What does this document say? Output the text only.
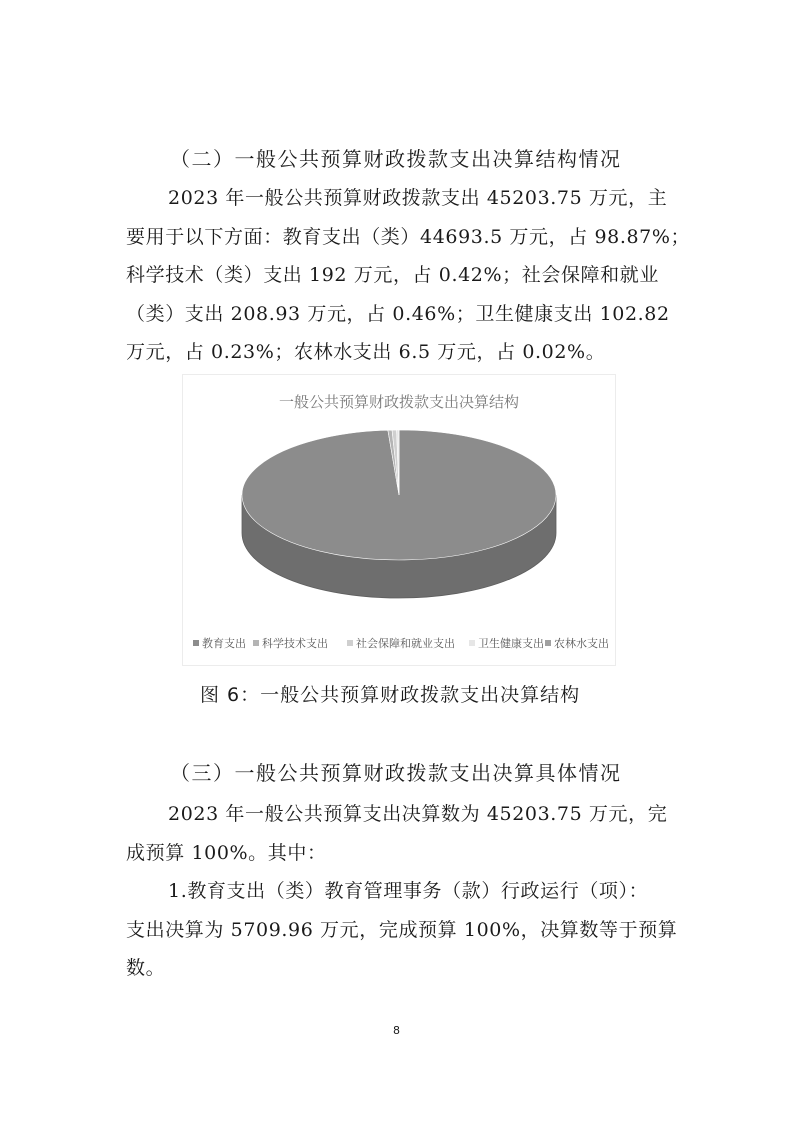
（二）一般公共预算财政拨款支出决算结构情况

2023 年一般公共预算财政拨款支出 45203.75 万元，主

要用于以下方面：教育支出（类）44693.5 万元，占 98.87%；

科学技术（类）支出 192 万元，占 0.42%；社会保障和就业

（类）支出 208.93 万元，占 0.46%；卫生健康支出 102.82

万元，占 0.23%；农林水支出 6.5 万元，占 0.02%。

一般公共预算财政拨款支出决算结构
教育支出 科学技术支出	社会保障和就业支出 卫生健康支出 农林水支出
图 6：一般公共预算财政拨款支出决算结构
（三）一般公共预算财政拨款支出决算具体情况

2023 年一般公共预算支出决算数为 45203.75 万元，完

成预算 100%。其中：

1.教育支出（类）教育管理事务（款）行政运行（项）：

支出决算为 5709.96 万元，完成预算 100%，决算数等于预算

数。

8
